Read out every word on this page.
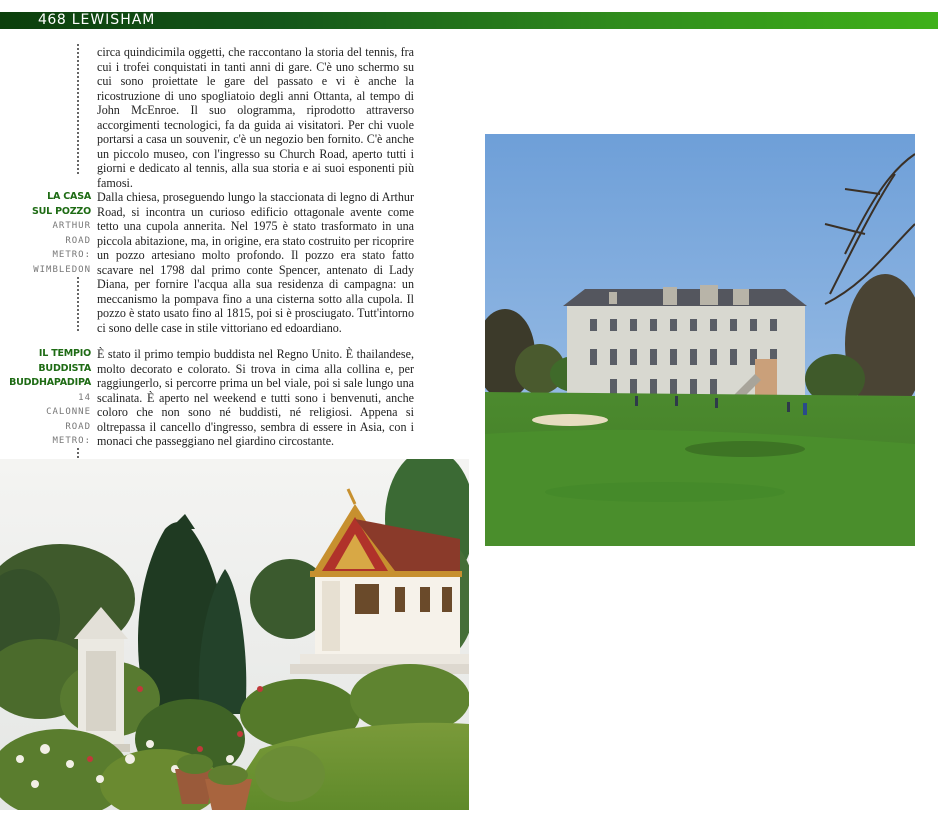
468 LEWISHAM
circa quindicimila oggetti, che raccontano la storia del tennis, fra cui i trofei conquistati in tanti anni di gare. C'è uno schermo su cui sono proiettate le gare del passato e vi è anche la ricostruzione di uno spogliatoio degli anni Ottanta, al tempo di John McEnroe. Il suo ologramma, riprodotto attraverso accorgimenti tecnologici, fa da guida ai visitatori. Per chi vuole portarsi a casa un souvenir, c'è un negozio ben fornito. C'è anche un piccolo museo, con l'ingresso su Church Road, aperto tutti i giorni e dedicato al tennis, alla sua storia e ai suoi esponenti più famosi.
LA CASA
SUL POZZO
ARTHUR
ROAD
METRO:
WIMBLEDON
Dalla chiesa, proseguendo lungo la staccionata di legno di Arthur Road, si incontra un curioso edificio ottagonale avente come tetto una cupola annerita. Nel 1975 è stato trasformato in una piccola abitazione, ma, in origine, era stato costruito per ricoprire un pozzo artesiano molto profondo. Il pozzo era stato fatto scavare nel 1798 dal primo conte Spencer, antenato di Lady Diana, per fornire l'acqua alla sua residenza di campagna: un meccanismo la pompava fino a una cisterna sotto alla cupola. Il pozzo è stato usato fino al 1815, poi si è prosciugato. Tutt'intorno ci sono delle case in stile vittoriano ed edoardiano.
IL TEMPIO
BUDDISTA
BUDDHAPADIPA
14
CALONNE
ROAD
METRO:
È stato il primo tempio buddista nel Regno Unito. È thailandese, molto decorato e colorato. Si trova in cima alla collina e, per raggiungerlo, si percorre prima un bel viale, poi si sale lungo una scalinata. È aperto nel weekend e tutti sono i benvenuti, anche coloro che non sono né buddisti, né religiosi. Appena si oltrepassa il cancello d'ingresso, sembra di essere in Asia, con i monaci che passeggiano nel giardino circostante.
